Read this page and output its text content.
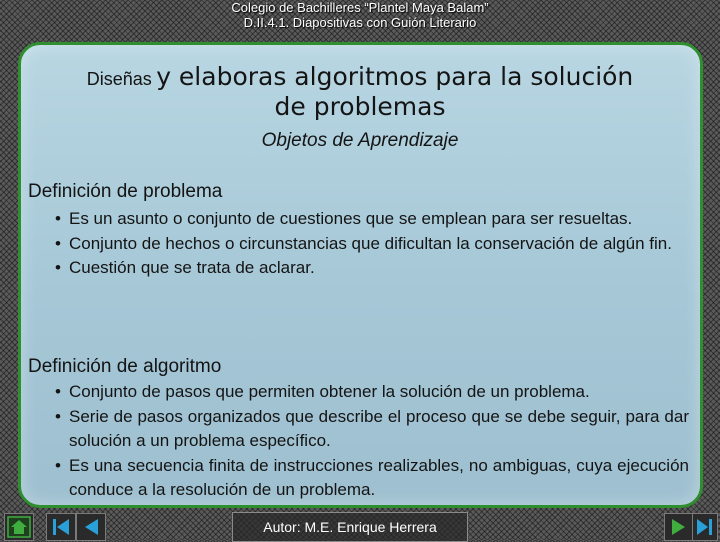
Colegio de Bachilleres “Plantel Maya Balam”
D.II.4.1. Diapositivas con Guión Literario
Diseñas y elaboras algoritmos para la solución
de problemas
Objetos de Aprendizaje
Definición de problema
• Es un asunto o conjunto de cuestiones que se emplean para ser resueltas.
• Conjunto de hechos o circunstancias que dificultan la conservación de algún fin.
• Cuestión que se trata de aclarar.
Definición de algoritmo
• Conjunto de pasos que permiten obtener la solución de un problema.
• Serie de pasos organizados que describe el proceso que se debe seguir, para dar solución a un problema específico.
• Es una secuencia finita de instrucciones realizables, no ambiguas, cuya ejecución conduce a la resolución de un problema.
Autor: M.E. Enrique Herrera
